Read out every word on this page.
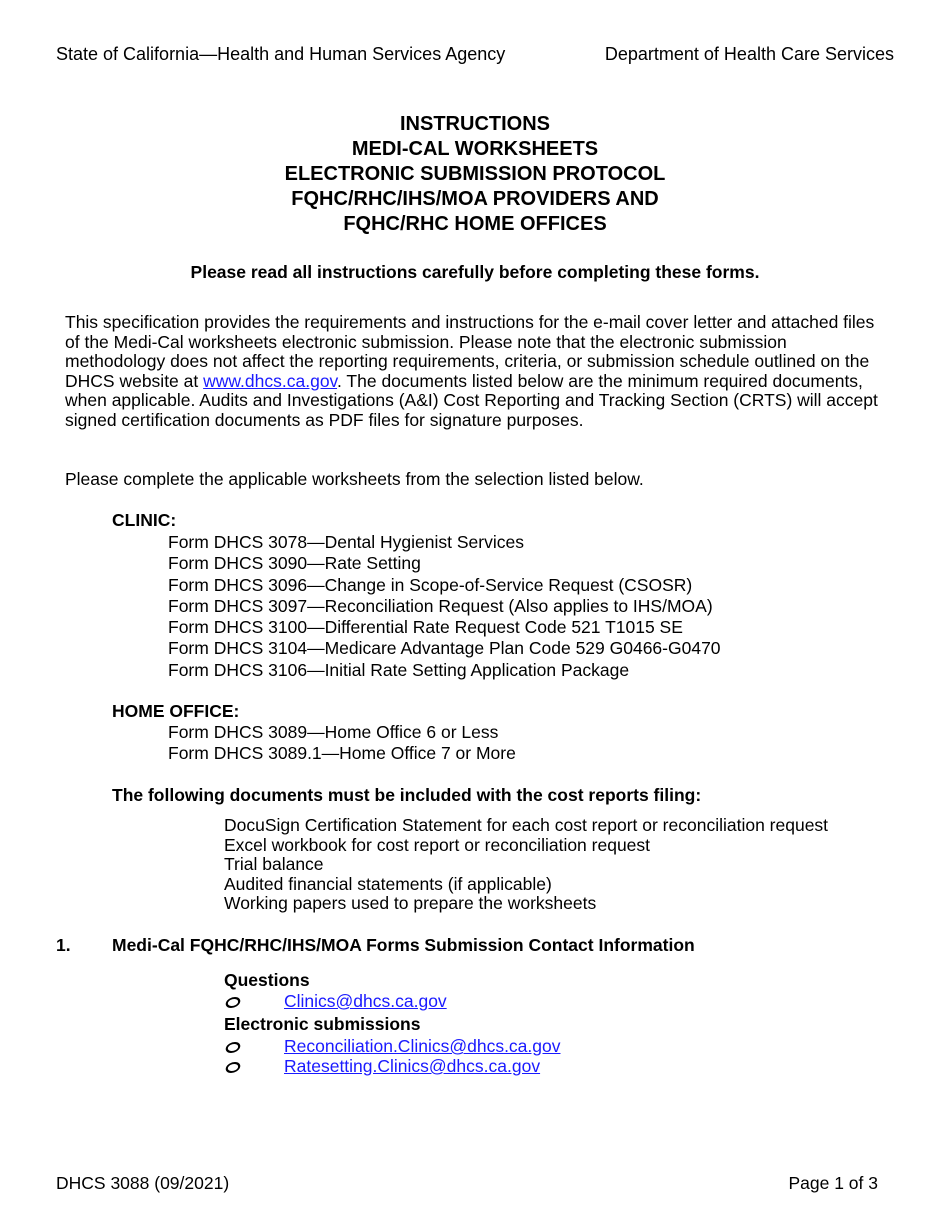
State of California—Health and Human Services Agency	Department of Health Care Services
INSTRUCTIONS
MEDI-CAL WORKSHEETS
ELECTRONIC SUBMISSION PROTOCOL
FQHC/RHC/IHS/MOA PROVIDERS AND
FQHC/RHC HOME OFFICES
Please read all instructions carefully before completing these forms.
This specification provides the requirements and instructions for the e-mail cover letter and attached files of the Medi-Cal worksheets electronic submission. Please note that the electronic submission methodology does not affect the reporting requirements, criteria, or submission schedule outlined on the DHCS website at www.dhcs.ca.gov. The documents listed below are the minimum required documents, when applicable. Audits and Investigations (A&I) Cost Reporting and Tracking Section (CRTS) will accept signed certification documents as PDF files for signature purposes.
Please complete the applicable worksheets from the selection listed below.
CLINIC:
Form DHCS 3078—Dental Hygienist Services
Form DHCS 3090—Rate Setting
Form DHCS 3096—Change in Scope-of-Service Request (CSOSR)
Form DHCS 3097—Reconciliation Request (Also applies to IHS/MOA)
Form DHCS 3100—Differential Rate Request Code 521 T1015 SE
Form DHCS 3104—Medicare Advantage Plan Code 529 G0466-G0470
Form DHCS 3106—Initial Rate Setting Application Package
HOME OFFICE:
Form DHCS 3089—Home Office 6 or Less
Form DHCS 3089.1—Home Office 7 or More
The following documents must be included with the cost reports filing:
DocuSign Certification Statement for each cost report or reconciliation request
Excel workbook for cost report or reconciliation request
Trial balance
Audited financial statements (if applicable)
Working papers used to prepare the worksheets
1. Medi-Cal FQHC/RHC/IHS/MOA Forms Submission Contact Information
Questions
Clinics@dhcs.ca.gov
Electronic submissions
Reconciliation.Clinics@dhcs.ca.gov
Ratesetting.Clinics@dhcs.ca.gov
DHCS 3088 (09/2021)	Page 1 of 3
